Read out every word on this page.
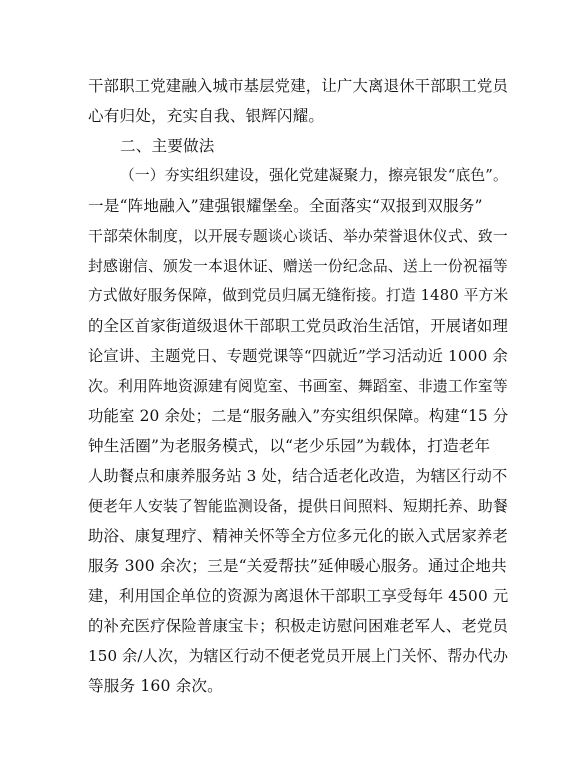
干部职工党建融入城市基层党建，让广大离退休干部职工党员
心有归处，充实自我、银辉闪耀。
二、主要做法
（一）夯实组织建设，强化党建凝聚力，擦亮银发“底色”。
一是“阵地融入”建强银耀堡垒。全面落实“双报到双服务”
干部荣休制度，以开展专题谈心谈话、举办荣誉退休仪式、致一
封感谢信、颁发一本退休证、赠送一份纪念品、送上一份祝福等
方式做好服务保障，做到党员归属无缝衔接。打造 1480 平方米
的全区首家街道级退休干部职工党员政治生活馆，开展诸如理
论宣讲、主题党日、专题党课等“四就近”学习活动近 1000 余
次。利用阵地资源建有阅览室、书画室、舞蹈室、非遗工作室等
功能室 20 余处；二是“服务融入”夯实组织保障。构建“15 分
钟生活圈”为老服务模式，以“老少乐园”为载体，打造老年
人助餐点和康养服务站 3 处，结合适老化改造，为辖区行动不
便老年人安装了智能监测设备，提供日间照料、短期托养、助餐
助浴、康复理疗、精神关怀等全方位多元化的嵌入式居家养老
服务 300 余次；三是“关爱帮扶”延伸暖心服务。通过企地共
建，利用国企单位的资源为离退休干部职工享受每年 4500 元
的补充医疗保险普康宝卡；积极走访慰问困难老军人、老党员
150 余/人次，为辖区行动不便老党员开展上门关怀、帮办代办
等服务 160 余次。
